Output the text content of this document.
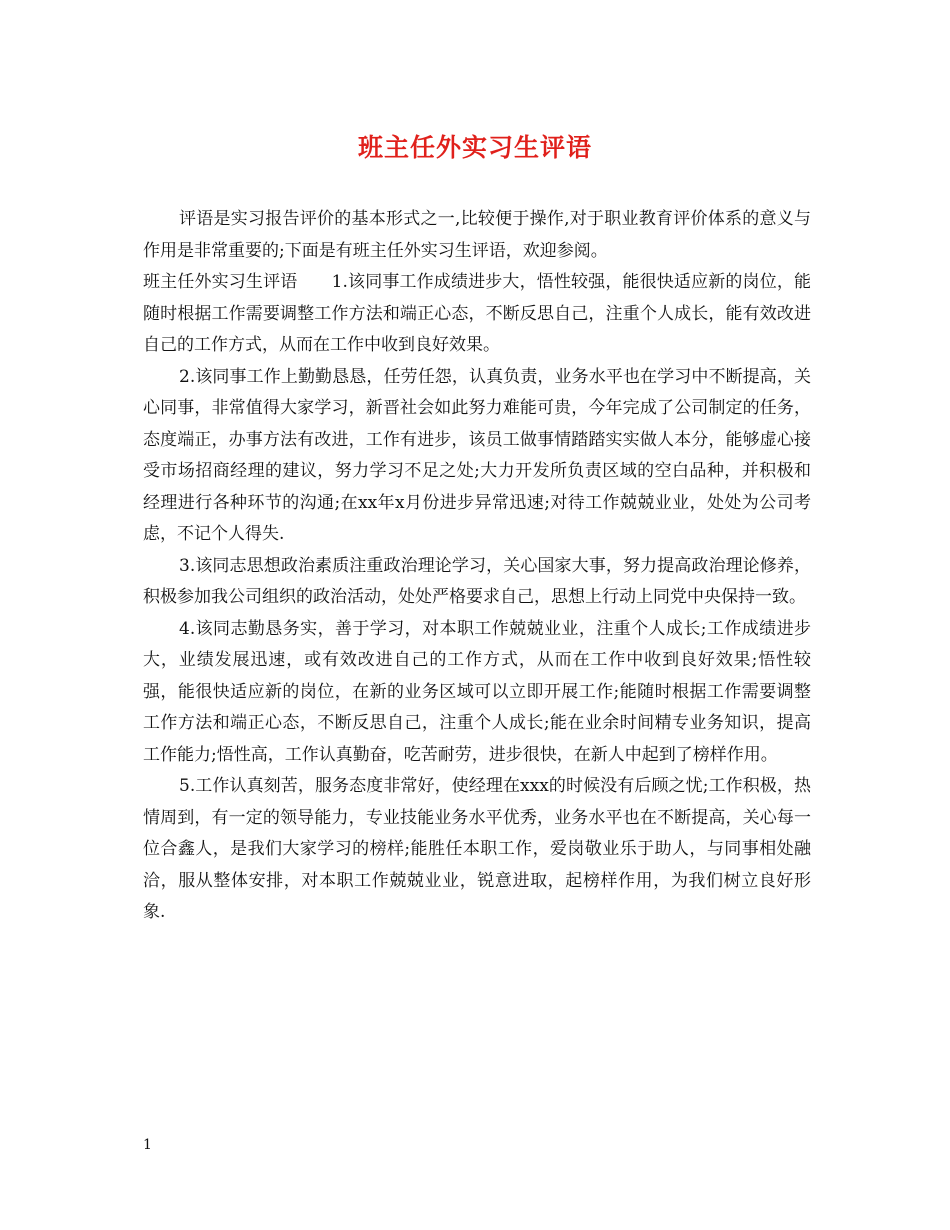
班主任外实习生评语

评语是实习报告评价的基本形式之一,比较便于操作,对于职业教育评价体系的意义与作用是非常重要的;下面是有班主任外实习生评语，欢迎参阅。

班主任外实习生评语　　1.该同事工作成绩进步大，悟性较强，能很快适应新的岗位，能随时根据工作需要调整工作方法和端正心态，不断反思自己，注重个人成长，能有效改进自己的工作方式，从而在工作中收到良好效果。

2.该同事工作上勤勤恳恳，任劳任怨，认真负责，业务水平也在学习中不断提高，关心同事，非常值得大家学习，新晋社会如此努力难能可贵，今年完成了公司制定的任务，态度端正，办事方法有改进，工作有进步，该员工做事情踏踏实实做人本分，能够虚心接受市场招商经理的建议，努力学习不足之处;大力开发所负责区域的空白品种，并积极和经理进行各种环节的沟通;在xx年x月份进步异常迅速;对待工作兢兢业业，处处为公司考虑，不记个人得失.

3.该同志思想政治素质注重政治理论学习，关心国家大事，努力提高政治理论修养，积极参加我公司组织的政治活动，处处严格要求自己，思想上行动上同党中央保持一致。

4.该同志勤恳务实，善于学习，对本职工作兢兢业业，注重个人成长;工作成绩进步大，业绩发展迅速，或有效改进自己的工作方式，从而在工作中收到良好效果;悟性较强，能很快适应新的岗位，在新的业务区域可以立即开展工作;能随时根据工作需要调整工作方法和端正心态，不断反思自己，注重个人成长;能在业余时间精专业务知识，提高工作能力;悟性高，工作认真勤奋，吃苦耐劳，进步很快，在新人中起到了榜样作用。

5.工作认真刻苦，服务态度非常好，使经理在xxx的时候没有后顾之忧;工作积极，热情周到，有一定的领导能力，专业技能业务水平优秀，业务水平也在不断提高，关心每一位合鑫人，是我们大家学习的榜样;能胜任本职工作，爱岗敬业乐于助人，与同事相处融洽，服从整体安排，对本职工作兢兢业业，锐意进取，起榜样作用，为我们树立良好形象.

1
